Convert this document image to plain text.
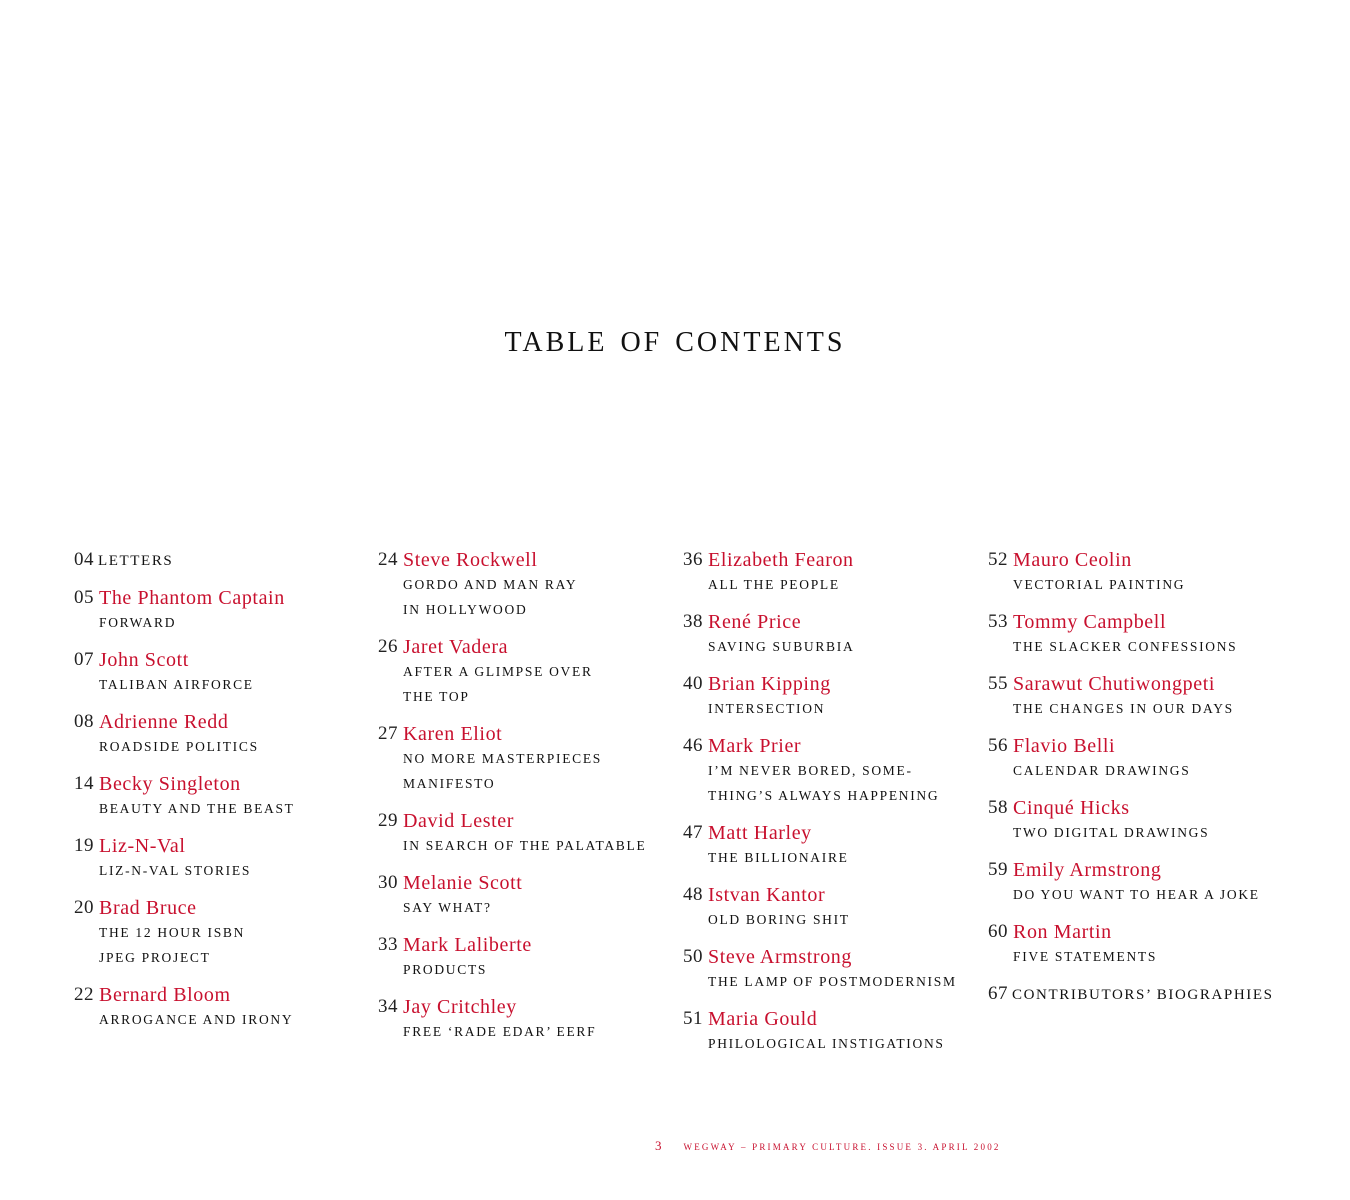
table of contents
04 LETTERS
05 The Phantom Captain
FORWARD
07 John Scott
TALIBAN AIRFORCE
08 Adrienne Redd
ROADSIDE POLITICS
14 Becky Singleton
BEAUTY AND THE BEAST
19 Liz-N-Val
LIZ-N-VAL STORIES
20 Brad Bruce
THE 12 HOUR ISBN
JPEG PROJECT
22 Bernard Bloom
ARROGANCE AND IRONY
24 Steve Rockwell
GORDO AND MAN RAY
IN HOLLYWOOD
26 Jaret Vadera
AFTER A GLIMPSE OVER
THE TOP
27 Karen Eliot
NO MORE MASTERPIECES
MANIFESTO
29 David Lester
IN SEARCH OF THE PALATABLE
30 Melanie Scott
SAY WHAT?
33 Mark Laliberte
PRODUCTS
34 Jay Critchley
FREE ‘RADE EDAR’ EERF
36 Elizabeth Fearon
ALL THE PEOPLE
38 René Price
SAVING SUBURBIA
40 Brian Kipping
INTERSECTION
46 Mark Prier
I’M NEVER BORED, SOME-
THING’S ALWAYS HAPPENING
47 Matt Harley
THE BILLIONAIRE
48 Istvan Kantor
OLD BORING SHIT
50 Steve Armstrong
THE LAMP OF POSTMODERNISM
51 Maria Gould
PHILOLOGICAL INSTIGATIONS
52 Mauro Ceolin
VECTORIAL PAINTING
53 Tommy Campbell
THE SLACKER CONFESSIONS
55 Sarawut Chutiwongpeti
THE CHANGES IN OUR DAYS
56 Flavio Belli
CALENDAR DRAWINGS
58 Cinqué Hicks
TWO DIGITAL DRAWINGS
59 Emily Armstrong
DO YOU WANT TO HEAR A JOKE
60 Ron Martin
FIVE STATEMENTS
67 CONTRIBUTORS’ BIOGRAPHIES
3 WEGWAY – PRIMARY CULTURE. ISSUE 3. APRIL 2002
